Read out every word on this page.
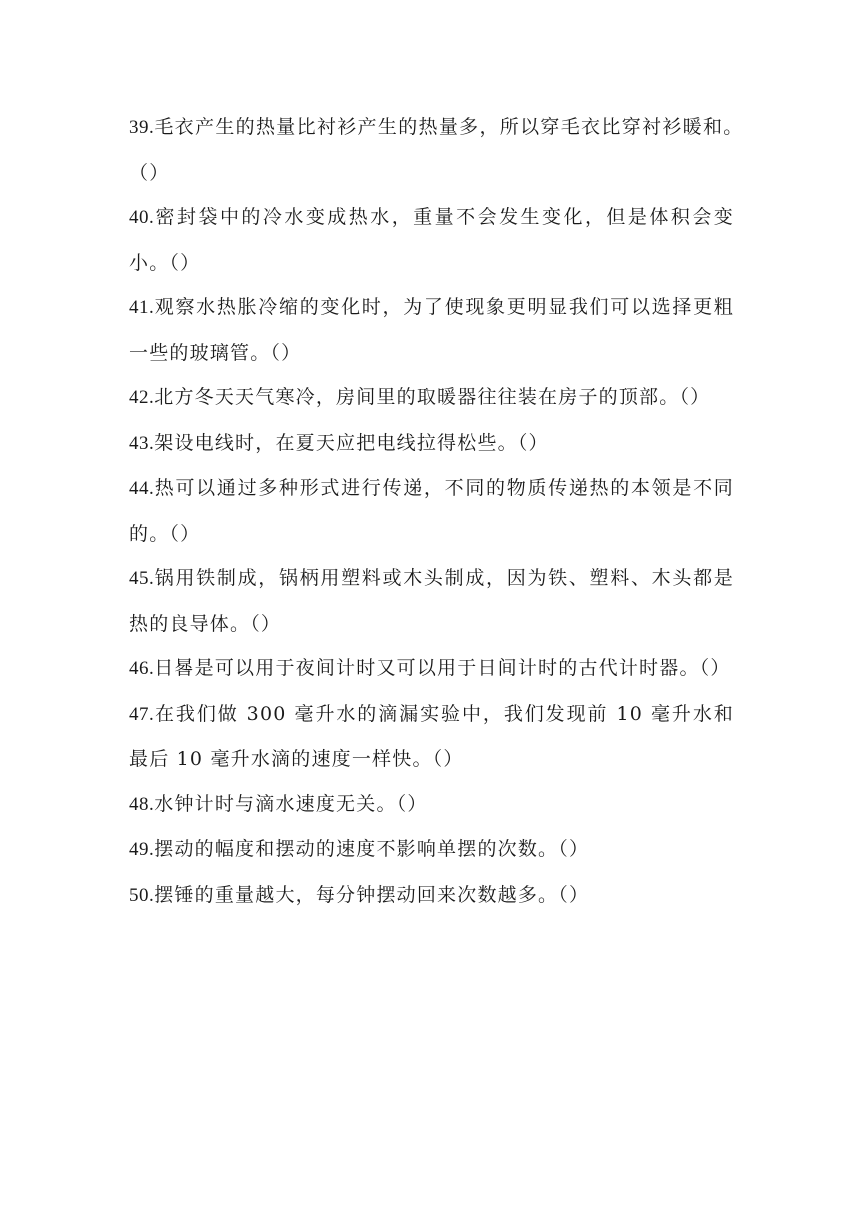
39.毛衣产生的热量比衬衫产生的热量多，所以穿毛衣比穿衬衫暖和。　　　（）
40.密封袋中的冷水变成热水，重量不会发生变化，但是体积会变小。（）
41.观察水热胀冷缩的变化时，为了使现象更明显我们可以选择更粗一些的玻璃管。（）
42.北方冬天天气寒冷，房间里的取暖器往往装在房子的顶部。（）
43.架设电线时，在夏天应把电线拉得松些。（）
44.热可以通过多种形式进行传递，不同的物质传递热的本领是不同的。（）
45.锅用铁制成，锅柄用塑料或木头制成，因为铁、塑料、木头都是热的良导体。（）
46.日晷是可以用于夜间计时又可以用于日间计时的古代计时器。（）
47.在我们做 300 毫升水的滴漏实验中，我们发现前 10 毫升水和最后 10 毫升水滴的速度一样快。（）
48.水钟计时与滴水速度无关。（）
49.摆动的幅度和摆动的速度不影响单摆的次数。（）
50.摆锤的重量越大，每分钟摆动回来次数越多。（）
